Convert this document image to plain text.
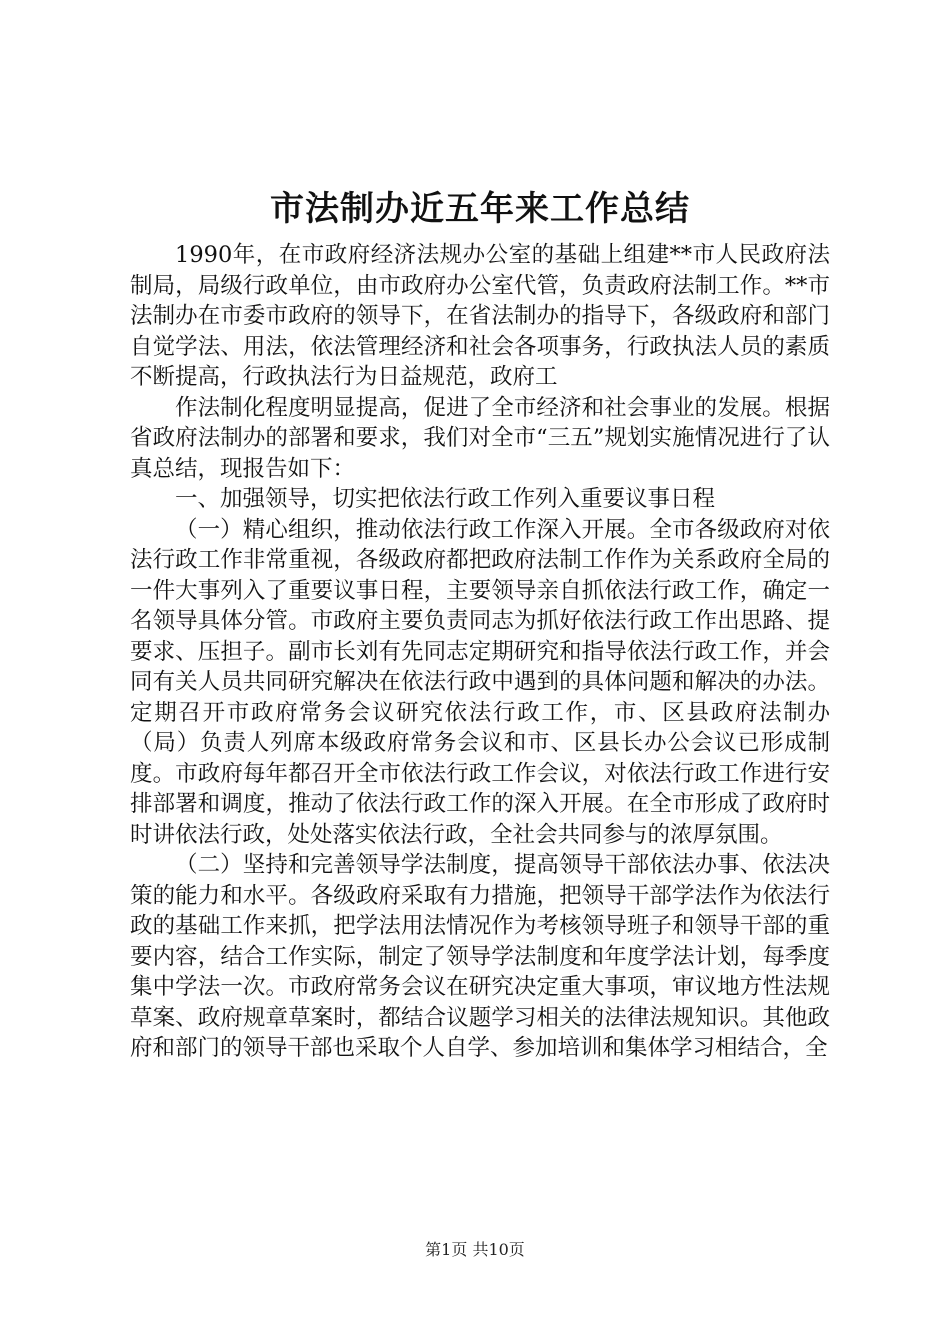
市法制办近五年来工作总结

1990年，在市政府经济法规办公室的基础上组建**市人民政府法制局，局级行政单位，由市政府办公室代管，负责政府法制工作。**市法制办在市委市政府的领导下，在省法制办的指导下，各级政府和部门自觉学法、用法，依法管理经济和社会各项事务，行政执法人员的素质不断提高，行政执法行为日益规范，政府工

作法制化程度明显提高，促进了全市经济和社会事业的发展。根据省政府法制办的部署和要求，我们对全市“三五”规划实施情况进行了认真总结，现报告如下：

一、加强领导，切实把依法行政工作列入重要议事日程

（一）精心组织，推动依法行政工作深入开展。全市各级政府对依法行政工作非常重视，各级政府都把政府法制工作作为关系政府全局的一件大事列入了重要议事日程，主要领导亲自抓依法行政工作，确定一名领导具体分管。市政府主要负责同志为抓好依法行政工作出思路、提要求、压担子。副市长刘有先同志定期研究和指导依法行政工作，并会同有关人员共同研究解决在依法行政中遇到的具体问题和解决的办法。定期召开市政府常务会议研究依法行政工作，市、区县政府法制办（局）负责人列席本级政府常务会议和市、区县长办公会议已形成制度。市政府每年都召开全市依法行政工作会议，对依法行政工作进行安排部署和调度，推动了依法行政工作的深入开展。在全市形成了政府时时讲依法行政，处处落实依法行政，全社会共同参与的浓厚氛围。

（二）坚持和完善领导学法制度，提高领导干部依法办事、依法决策的能力和水平。各级政府采取有力措施，把领导干部学法作为依法行政的基础工作来抓，把学法用法情况作为考核领导班子和领导干部的重要内容，结合工作实际，制定了领导学法制度和年度学法计划，每季度集中学法一次。市政府常务会议在研究决定重大事项，审议地方性法规草案、政府规章草案时，都结合议题学习相关的法律法规知识。其他政府和部门的领导干部也采取个人自学、参加培训和集体学习相结合，全

第1页 共10页
